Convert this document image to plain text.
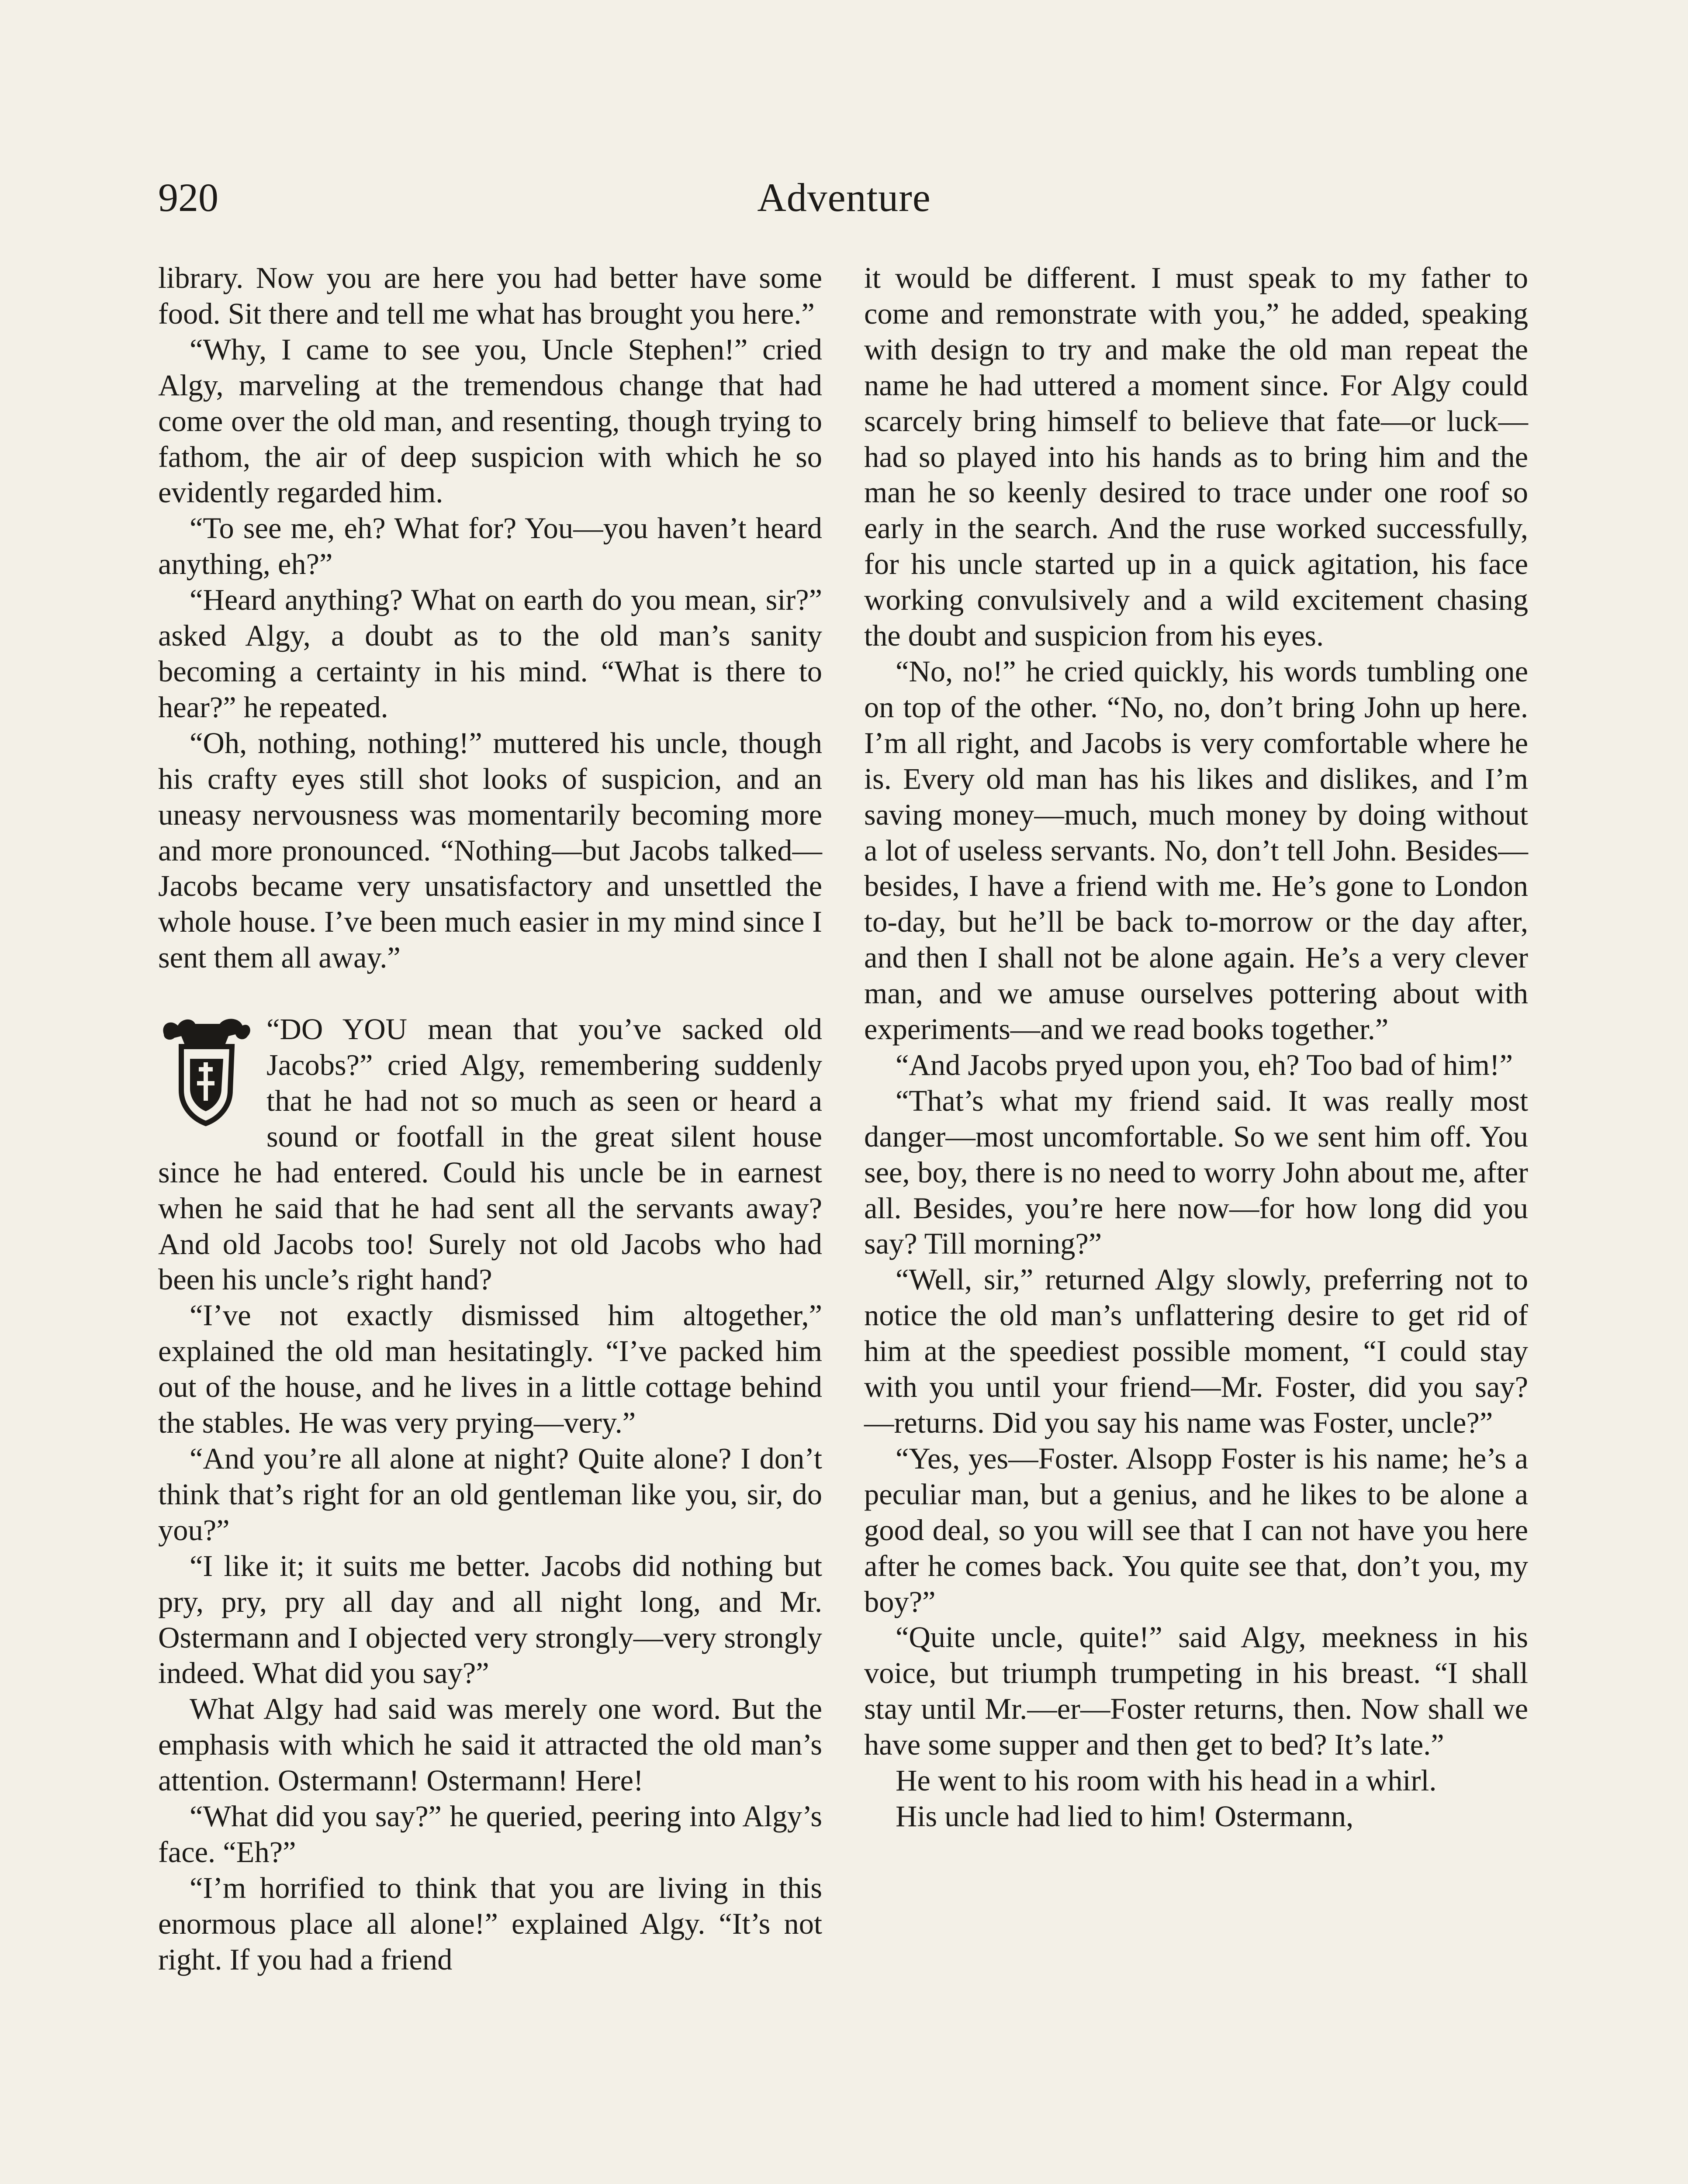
920	Adventure

library. Now you are here you had better have some food. Sit there and tell me what has brought you here.”

“Why, I came to see you, Uncle Stephen!” cried Algy, marveling at the tremendous change that had come over the old man, and resenting, though trying to fathom, the air of deep suspicion with which he so evidently regarded him.

“To see me, eh? What for? You—you haven’t heard anything, eh?”

“Heard anything? What on earth do you mean, sir?” asked Algy, a doubt as to the old man’s sanity becoming a certainty in his mind. “What is there to hear?” he repeated.

“Oh, nothing, nothing!” muttered his uncle, though his crafty eyes still shot looks of suspicion, and an uneasy nervousness was momentarily becoming more and more pronounced. “Nothing—but Jacobs talked—Jacobs became very unsatisfactory and unsettled the whole house. I’ve been much easier in my mind since I sent them all away.”

“DO YOU mean that you’ve sacked old Jacobs?” cried Algy, remembering suddenly that he had not so much as seen or heard a sound or footfall in the great silent house since he had entered. Could his uncle be in earnest when he said that he had sent all the servants away? And old Jacobs too! Surely not old Jacobs who had been his uncle’s right hand?

“I’ve not exactly dismissed him altogether,” explained the old man hesitatingly. “I’ve packed him out of the house, and he lives in a little cottage behind the stables. He was very prying—very.”

“And you’re all alone at night? Quite alone? I don’t think that’s right for an old gentleman like you, sir, do you?”

“I like it; it suits me better. Jacobs did nothing but pry, pry, pry all day and all night long, and Mr. Ostermann and I objected very strongly—very strongly indeed. What did you say?”

What Algy had said was merely one word. But the emphasis with which he said it attracted the old man’s attention. Ostermann! Ostermann! Here!

“What did you say?” he queried, peering into Algy’s face. “Eh?”

“I’m horrified to think that you are living in this enormous place all alone!” explained Algy. “It’s not right. If you had a friend

it would be different. I must speak to my father to come and remonstrate with you,” he added, speaking with design to try and make the old man repeat the name he had uttered a moment since. For Algy could scarcely bring himself to believe that fate—or luck—had so played into his hands as to bring him and the man he so keenly desired to trace under one roof so early in the search. And the ruse worked successfully, for his uncle started up in a quick agitation, his face working convulsively and a wild excitement chasing the doubt and suspicion from his eyes.

“No, no!” he cried quickly, his words tumbling one on top of the other. “No, no, don’t bring John up here. I’m all right, and Jacobs is very comfortable where he is. Every old man has his likes and dislikes, and I’m saving money—much, much money by doing without a lot of useless servants. No, don’t tell John. Besides—besides, I have a friend with me. He’s gone to London to-day, but he’ll be back to-morrow or the day after, and then I shall not be alone again. He’s a very clever man, and we amuse ourselves pottering about with experiments—and we read books together.”

“And Jacobs pryed upon you, eh? Too bad of him!”

“That’s what my friend said. It was really most danger—most uncomfortable. So we sent him off. You see, boy, there is no need to worry John about me, after all. Besides, you’re here now—for how long did you say? Till morning?”

“Well, sir,” returned Algy slowly, preferring not to notice the old man’s unflattering desire to get rid of him at the speediest possible moment, “I could stay with you until your friend—Mr. Foster, did you say? —returns. Did you say his name was Foster, uncle?”

“Yes, yes—Foster. Alsopp Foster is his name; he’s a peculiar man, but a genius, and he likes to be alone a good deal, so you will see that I can not have you here after he comes back. You quite see that, don’t you, my boy?”

“Quite uncle, quite!” said Algy, meekness in his voice, but triumph trumpeting in his breast. “I shall stay until Mr.—er—Foster returns, then. Now shall we have some supper and then get to bed? It’s late.”

He went to his room with his head in a whirl.

His uncle had lied to him! Ostermann,
